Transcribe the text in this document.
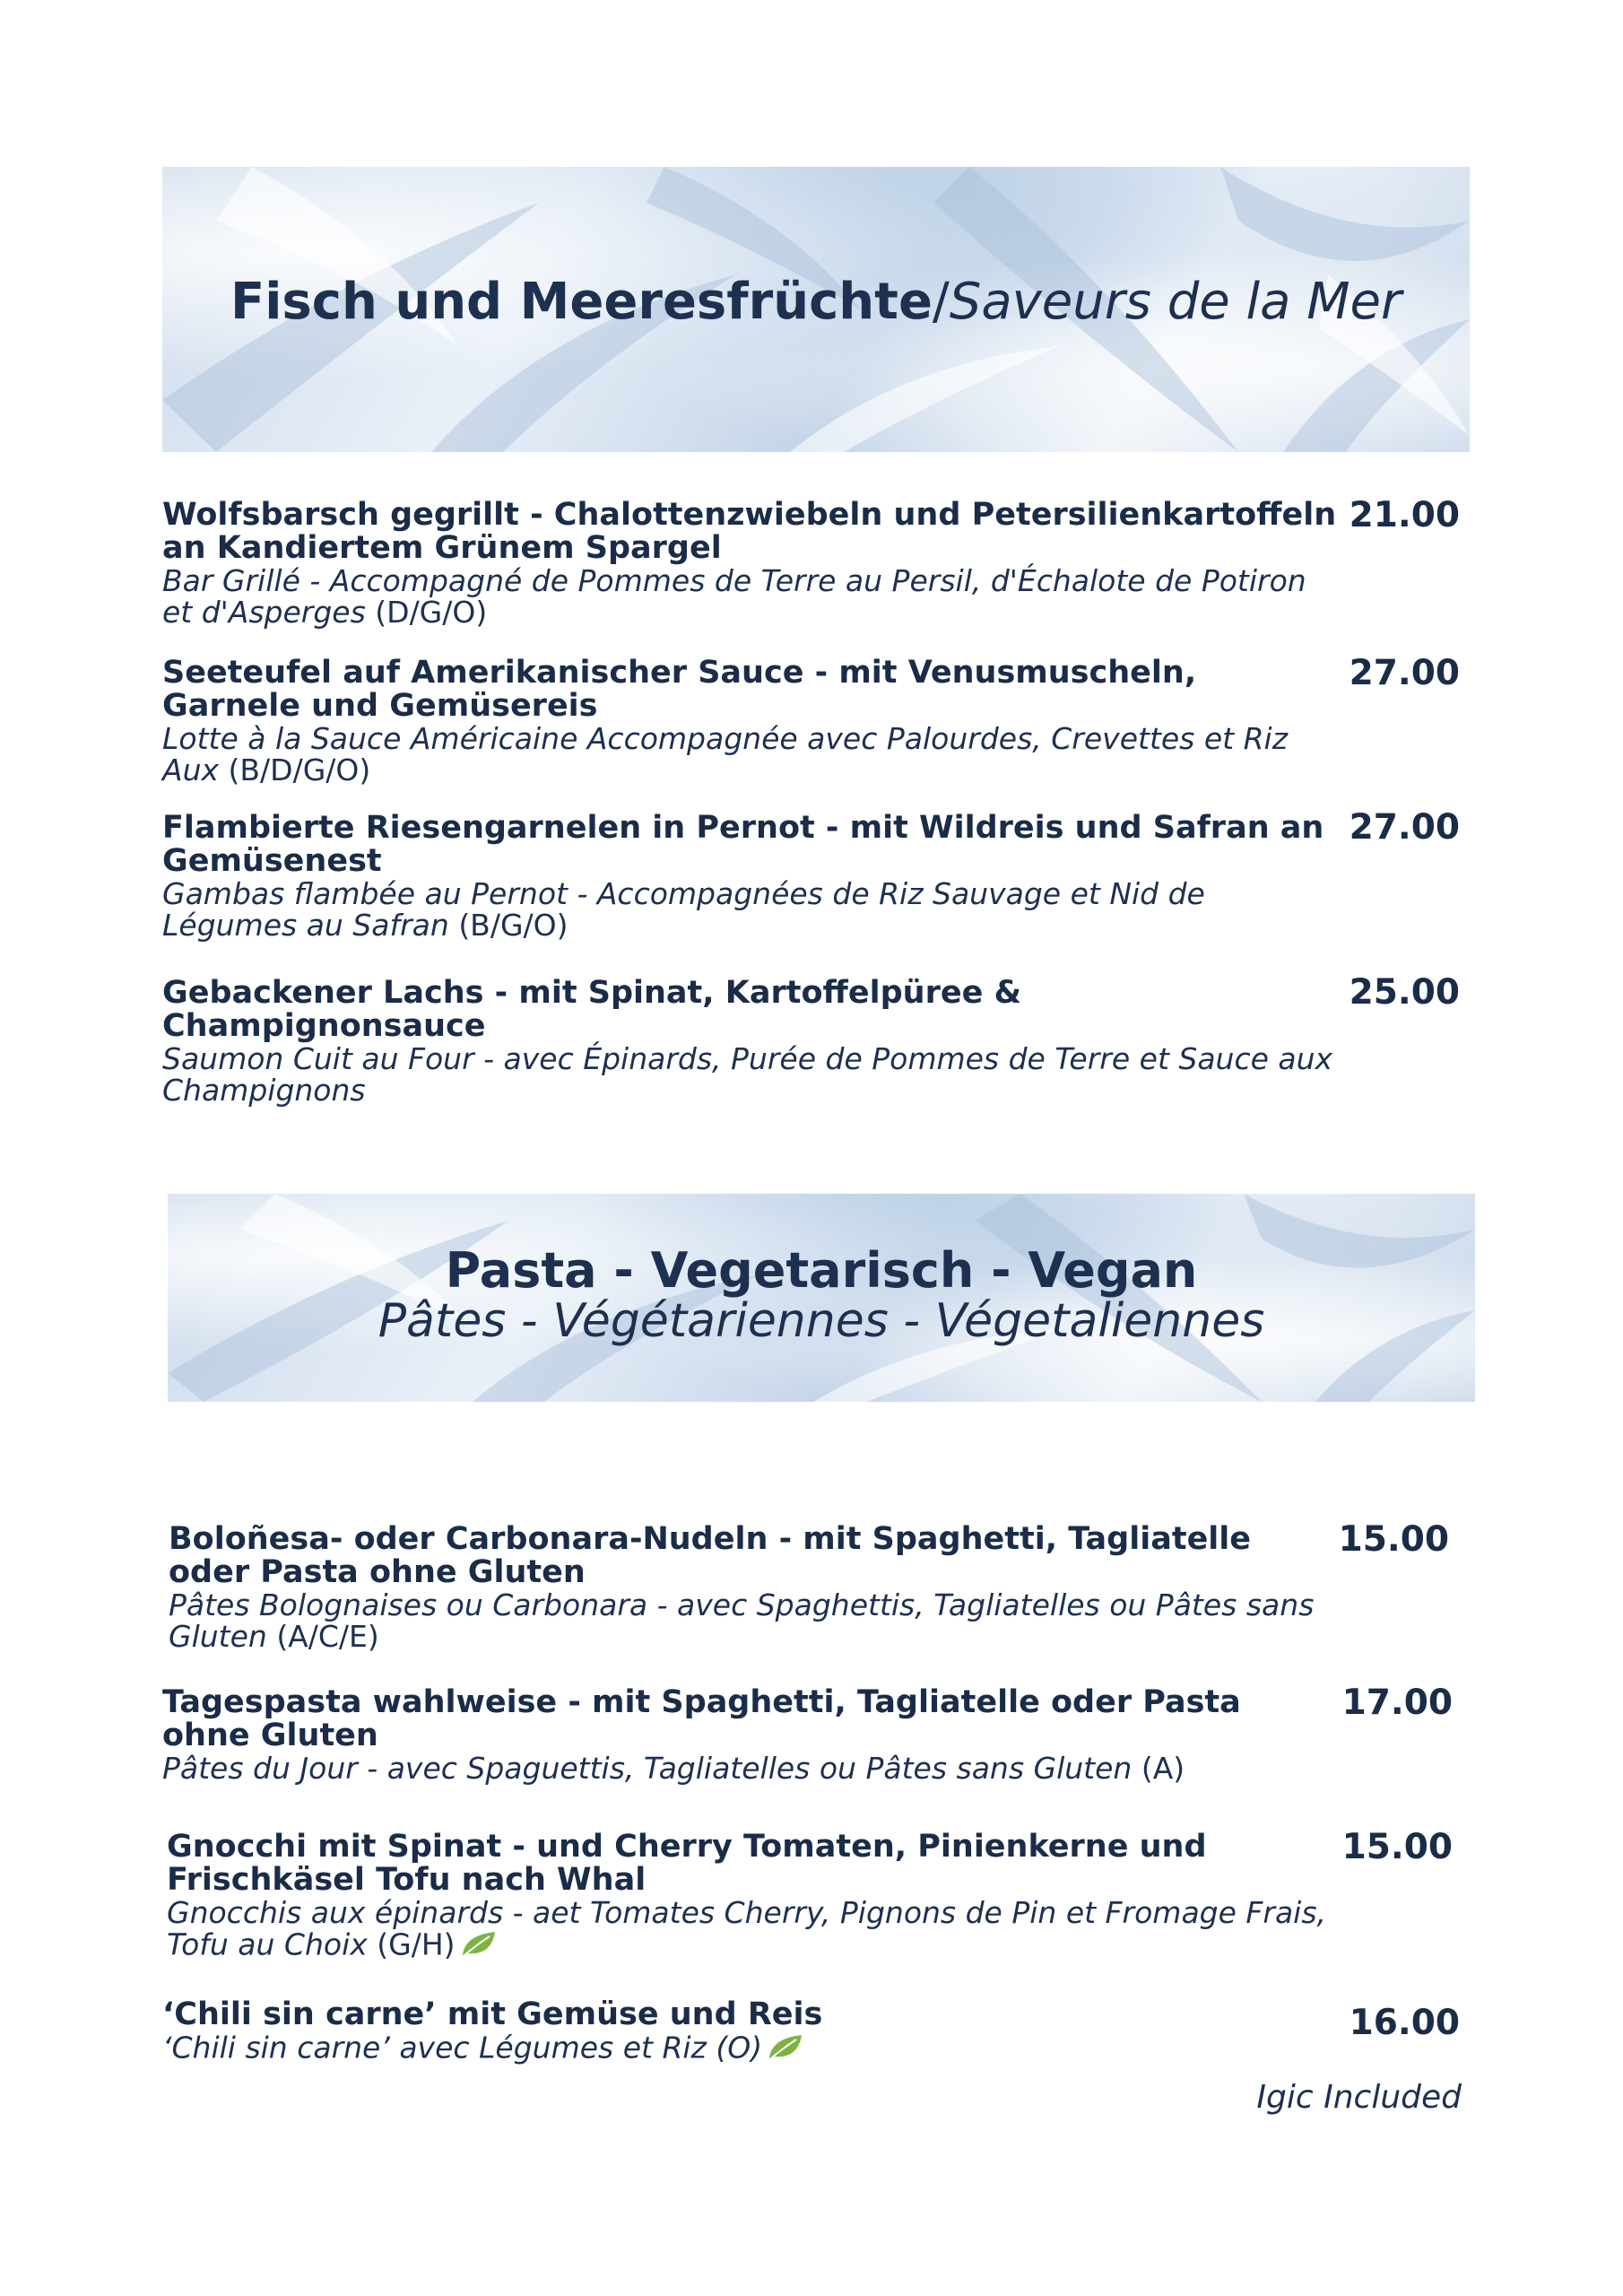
Fisch und Meeresfrüchte/Saveurs de la Mer
Wolfsbarsch gegrillt - Chalottenzwiebeln und Petersilienkartoffeln an Kandiertem Grünem Spargel
Bar Grillé - Accompagné de Pommes de Terre au Persil, d'Échalote de Potiron et d'Asperges (D/G/O)
21.00
Seeteufel auf Amerikanischer Sauce - mit Venusmuscheln, Garnele und Gemüsereis
Lotte à la Sauce Américaine Accompagnée avec Palourdes, Crevettes et Riz Aux (B/D/G/O)
27.00
Flambierte Riesengarnelen in Pernot - mit Wildreis und Safran an Gemüsenest
Gambas flambée au Pernot - Accompagnées de Riz Sauvage et Nid de Légumes au Safran (B/G/O)
27.00
Gebackener Lachs - mit Spinat, Kartoffelpüree & Champignonsauce
Saumon Cuit au Four - avec Épinards, Purée de Pommes de Terre et Sauce aux Champignons
25.00
Pasta - Vegetarisch - Vegan
Pâtes - Végétariennes - Végetaliennes
Boloñesa- oder Carbonara-Nudeln - mit Spaghetti, Tagliatelle oder Pasta ohne Gluten
Pâtes Bolognaises ou Carbonara - avec Spaghettis, Tagliatelles ou Pâtes sans Gluten (A/C/E)
15.00
Tagespasta wahlweise - mit Spaghetti, Tagliatelle oder Pasta ohne Gluten
Pâtes du Jour - avec Spaguettis, Tagliatelles ou Pâtes sans Gluten (A)
17.00
Gnocchi mit Spinat - und Cherry Tomaten, Pinienkerne und Frischkäsel Tofu nach Whal
Gnocchis aux épinards - aet Tomates Cherry, Pignons de Pin et Fromage Frais, Tofu au Choix (G/H)
15.00
‘Chili sin carne’ mit Gemüse und Reis
‘Chili sin carne’ avec Légumes et Riz (O)
16.00
Igic Included
